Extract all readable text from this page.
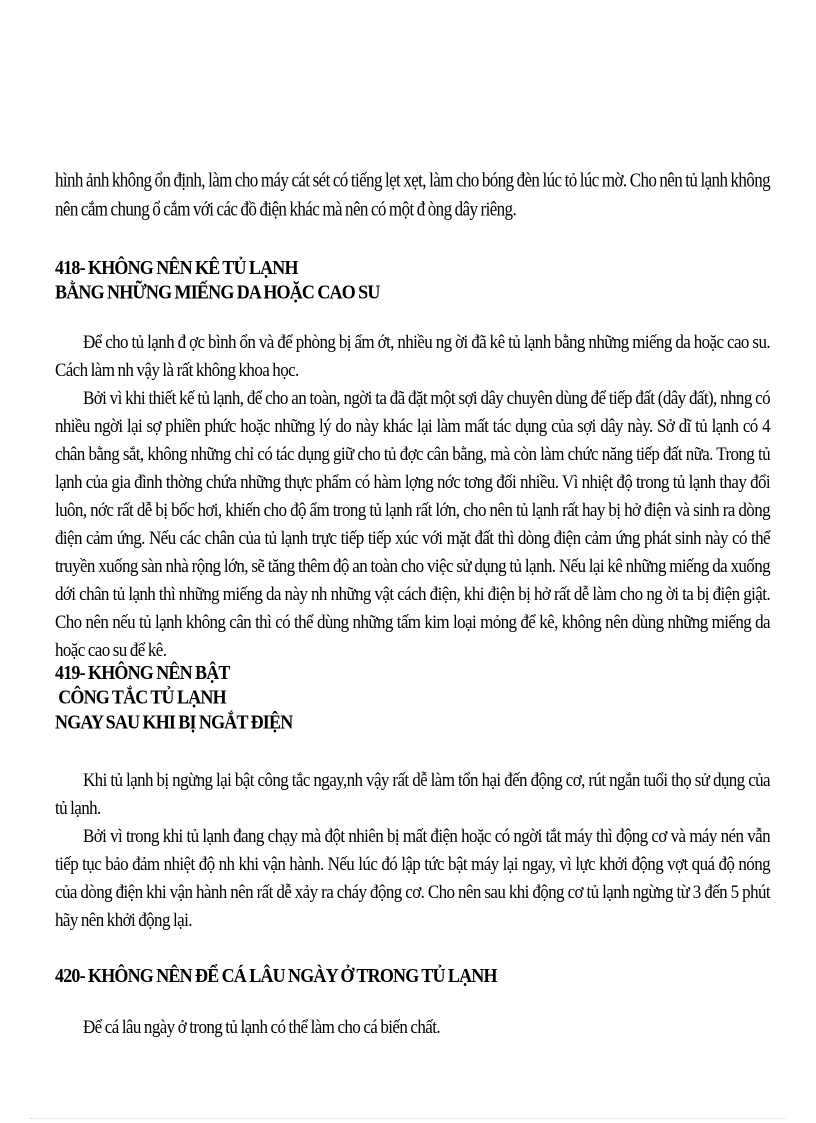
hình ảnh không ổn định, làm cho máy cát sét có tiếng lẹt xẹt, làm cho bóng đèn lúc tỏ lúc mờ. Cho nên tủ lạnh không nên cắm chung ổ cắm với các đồ điện khác mà nên có một đ òng dây riêng.

418- KHÔNG NÊN KÊ TỦ LẠNH
BẰNG NHỮNG MIẾNG DA HOẶC CAO SU

Để cho tủ lạnh đ ợc bình ổn và để phòng bị ẩm ớt, nhiều ng ời đã kê tủ lạnh bằng những miếng da hoặc cao su. Cách làm nh vậy là rất không khoa học.

Bởi vì khi thiết kế tủ lạnh, để cho an toàn, ngời ta đã đặt một sợi dây chuyên dùng để tiếp đất (dây đất), nhng có nhiều ngời lại sợ phiền phức hoặc những lý do này khác lại làm mất tác dụng của sợi dây này. Sở dĩ tủ lạnh có 4 chân bằng sắt, không những chỉ có tác dụng giữ cho tủ đợc cân bằng, mà còn làm chức năng tiếp đất nữa. Trong tủ lạnh của gia đình thờng chứa những thực phẩm có hàm lợng nớc tơng đối nhiều. Vì nhiệt độ trong tủ lạnh thay đổi luôn, nớc rất dễ bị bốc hơi, khiến cho độ ẩm trong tủ lạnh rất lớn, cho nên tủ lạnh rất hay bị hở điện và sinh ra dòng điện cảm ứng. Nếu các chân của tủ lạnh trực tiếp tiếp xúc với mặt đất thì dòng điện cảm ứng phát sinh này có thể truyền xuống sàn nhà rộng lớn, sẽ tăng thêm độ an toàn cho việc sử dụng tủ lạnh. Nếu lại kê những miếng da xuống dới chân tủ lạnh thì những miếng da này nh những vật cách điện, khi điện bị hở rất dễ làm cho ng ời ta bị điện giật. Cho nên nếu tủ lạnh không cân thì có thể dùng những tấm kim loại mỏng để kê, không nên dùng những miếng da hoặc cao su để kê.

419- KHÔNG NÊN BẬT
CÔNG TẮC TỦ LẠNH
NGAY SAU KHI BỊ NGẮT ĐIỆN

Khi tủ lạnh bị ngừng lại bật công tắc ngay,nh vậy rất dễ làm tổn hại đến động cơ, rút ngắn tuổi thọ sử dụng của tủ lạnh.

Bởi vì trong khi tủ lạnh đang chạy mà đột nhiên bị mất điện hoặc có ngời tắt máy thì động cơ và máy nén vẫn tiếp tục bảo đảm nhiệt độ nh khi vận hành. Nếu lúc đó lập tức bật máy lại ngay, vì lực khởi động vợt quá độ nóng của dòng điện khi vận hành nên rất dễ xảy ra cháy động cơ. Cho nên sau khi động cơ tủ lạnh ngừng từ 3 đến 5 phút hãy nên khởi động lại.

420- KHÔNG NÊN ĐỂ CÁ LÂU NGÀY Ở TRONG TỦ LẠNH

Để cá lâu ngày ở trong tủ lạnh có thể làm cho cá biến chất.
